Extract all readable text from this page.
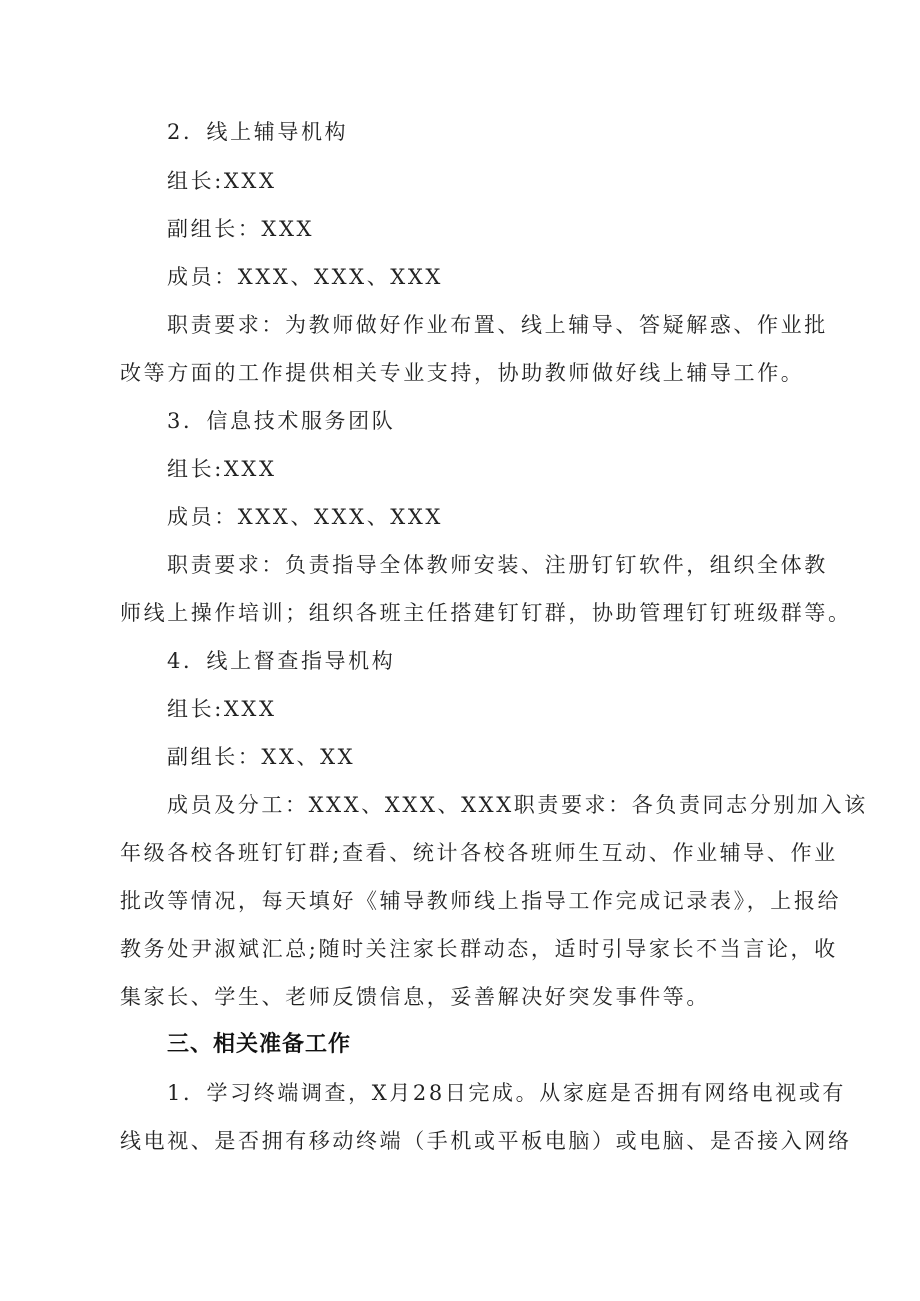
2．线上辅导机构
组长:XXX
副组长：XXX
成员：XXX、XXX、XXX
职责要求：为教师做好作业布置、线上辅导、答疑解惑、作业批
改等方面的工作提供相关专业支持，协助教师做好线上辅导工作。
3．信息技术服务团队
组长:XXX
成员：XXX、XXX、XXX
职责要求：负责指导全体教师安装、注册钉钉软件，组织全体教
师线上操作培训；组织各班主任搭建钉钉群，协助管理钉钉班级群等。
4．线上督查指导机构
组长:XXX
副组长：XX、XX
成员及分工：XXX、XXX、XXX职责要求：各负责同志分别加入该
年级各校各班钉钉群;查看、统计各校各班师生互动、作业辅导、作业
批改等情况，每天填好《辅导教师线上指导工作完成记录表》，上报给
教务处尹淑斌汇总;随时关注家长群动态，适时引导家长不当言论，收
集家长、学生、老师反馈信息，妥善解决好突发事件等。
三、相关准备工作
1．学习终端调查，X月28日完成。从家庭是否拥有网络电视或有
线电视、是否拥有移动终端（手机或平板电脑）或电脑、是否接入网络
